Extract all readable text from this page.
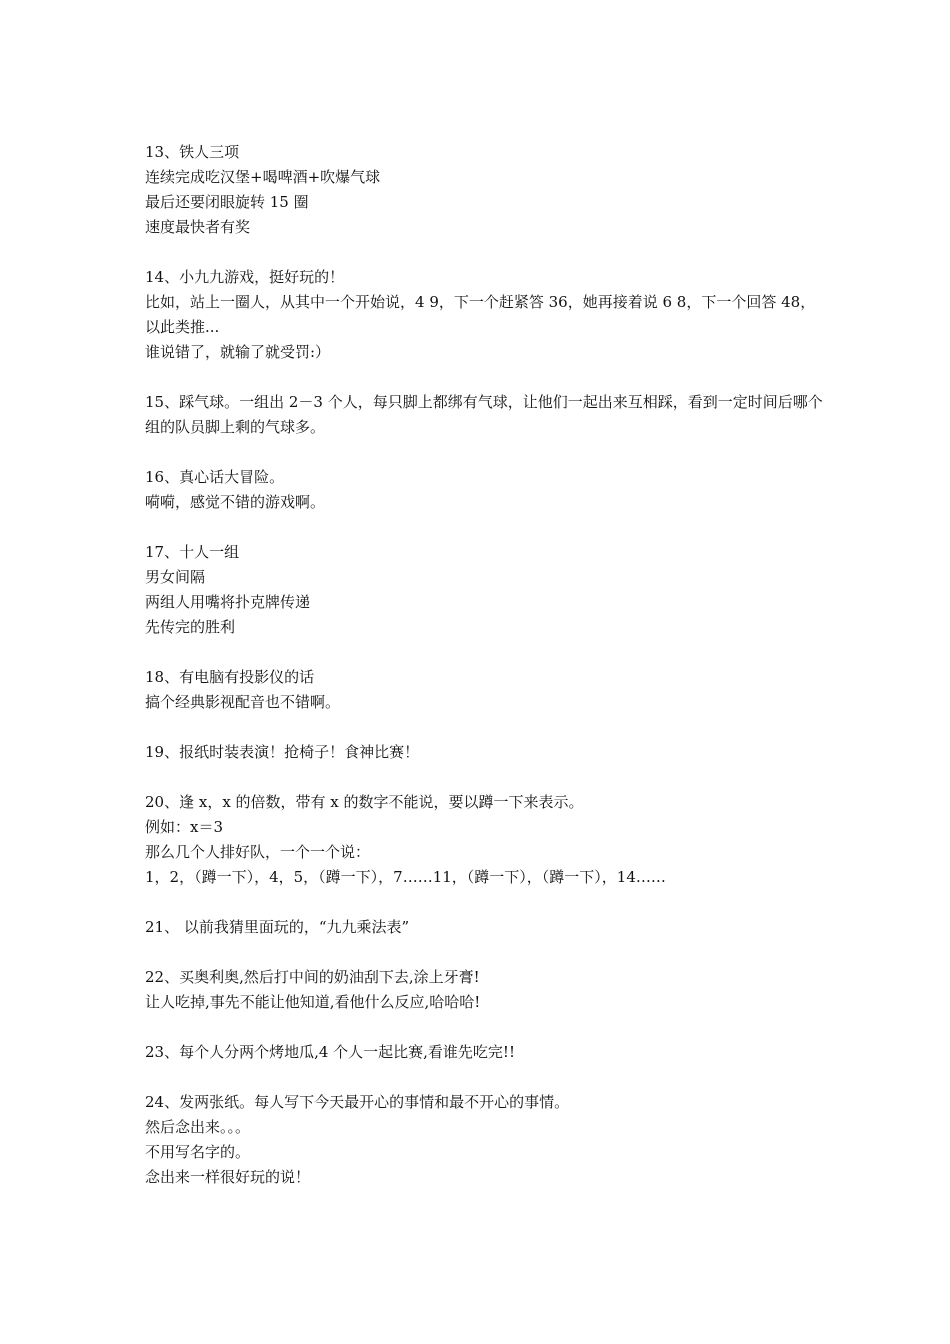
13、铁人三项
连续完成吃汉堡+喝啤酒+吹爆气球
最后还要闭眼旋转 15 圈
速度最快者有奖
14、小九九游戏，挺好玩的！
比如，站上一圈人，从其中一个开始说，4 9，下一个赶紧答 36，她再接着说 6 8，下一个回答 48，以此类推...
谁说错了，就输了就受罚:）
15、踩气球。一组出 2－3 个人，每只脚上都绑有气球，让他们一起出来互相踩，看到一定时间后哪个组的队员脚上剩的气球多。
16、真心话大冒险。
嗬嗬，感觉不错的游戏啊。
17、十人一组
男女间隔
两组人用嘴将扑克牌传递
先传完的胜利
18、有电脑有投影仪的话
搞个经典影视配音也不错啊。
19、报纸时装表演！抢椅子！食神比赛！
20、逢 x，x 的倍数，带有 x 的数字不能说，要以蹲一下来表示。
例如：x＝3
那么几个人排好队，一个一个说：
1，2，（蹲一下），4，5，（蹲一下），7……11，（蹲一下），（蹲一下），14……
21、 以前我猜里面玩的，“九九乘法表”
22、买奥利奥,然后打中间的奶油刮下去,涂上牙膏!
让人吃掉,事先不能让他知道,看他什么反应,哈哈哈!
23、每个人分两个烤地瓜,4 个人一起比赛,看谁先吃完!!
24、发两张纸。每人写下今天最开心的事情和最不开心的事情。
然后念出来。。。
不用写名字的。
念出来一样很好玩的说！
